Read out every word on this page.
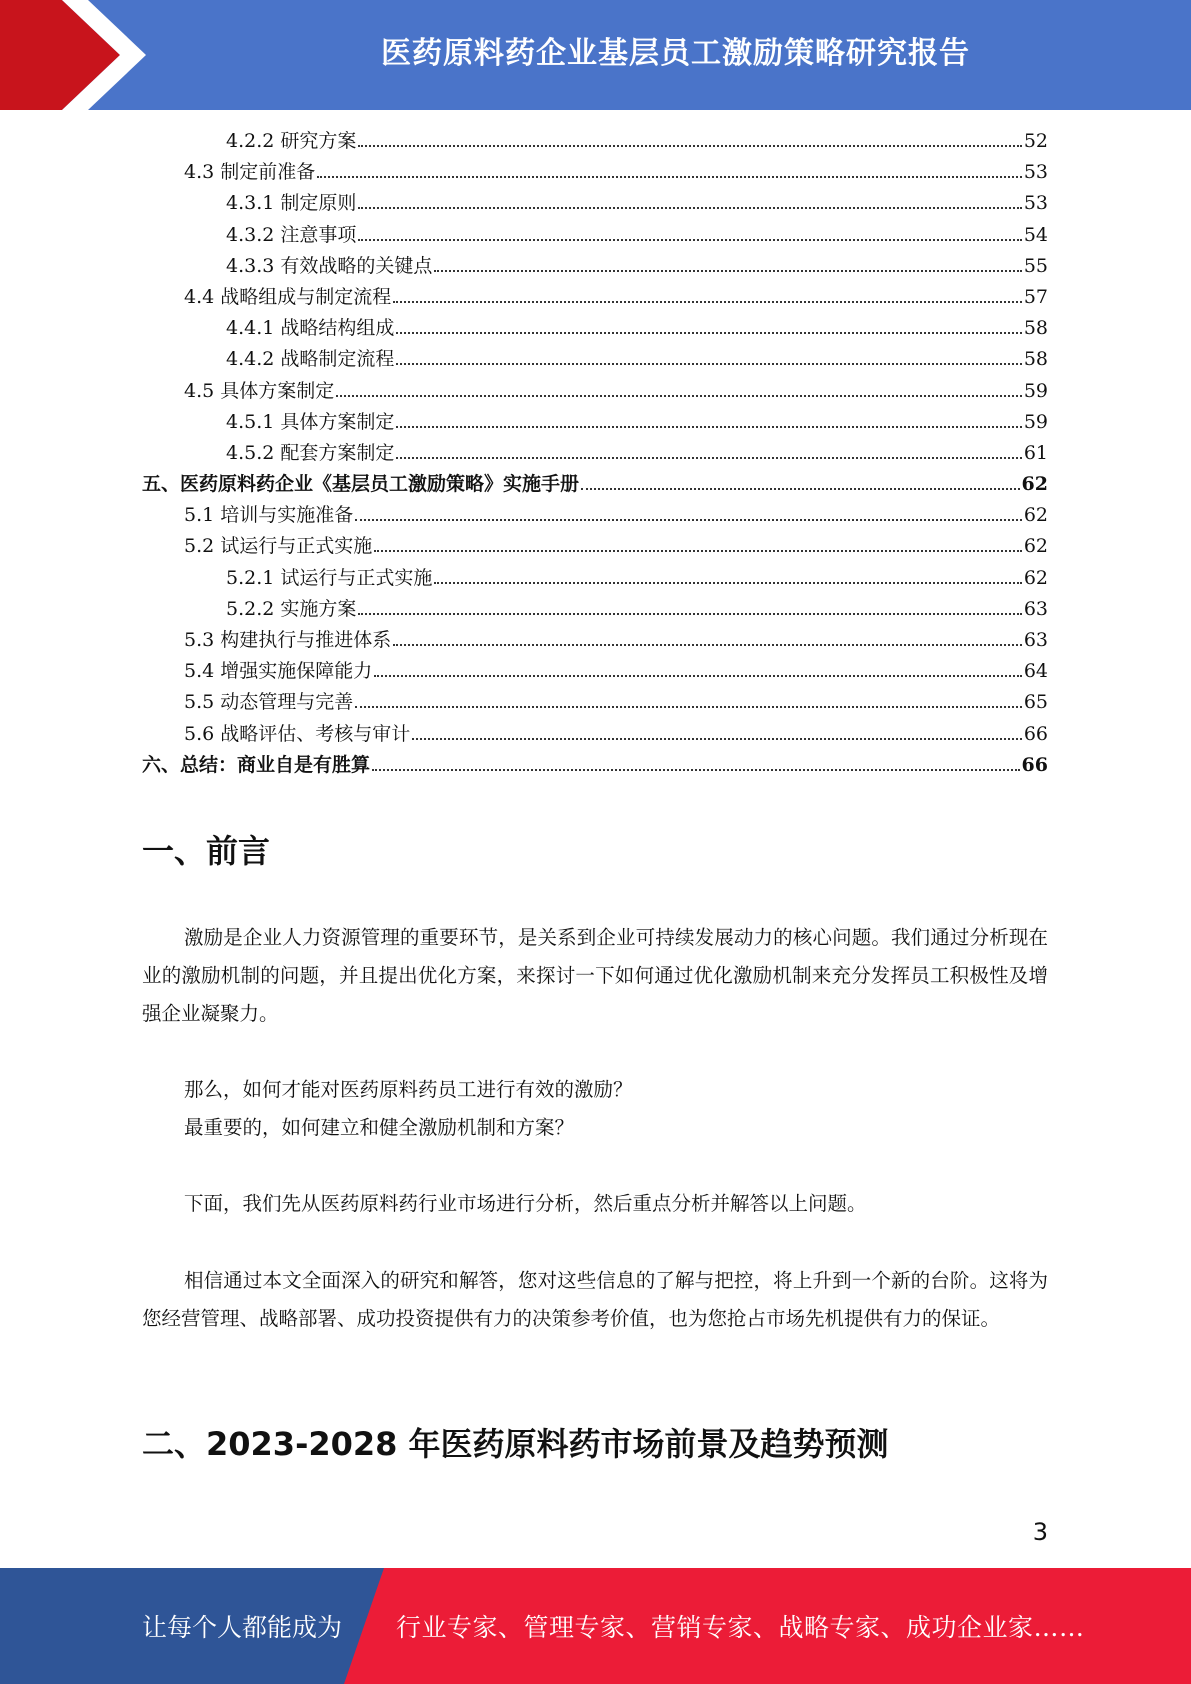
医药原料药企业基层员工激励策略研究报告
4.2.2 研究方案	52
4.3 制定前准备	53
4.3.1 制定原则	53
4.3.2 注意事项	54
4.3.3 有效战略的关键点	55
4.4 战略组成与制定流程	57
4.4.1 战略结构组成	58
4.4.2 战略制定流程	58
4.5 具体方案制定	59
4.5.1 具体方案制定	59
4.5.2 配套方案制定	61
五、医药原料药企业《基层员工激励策略》实施手册	62
5.1 培训与实施准备	62
5.2 试运行与正式实施	62
5.2.1 试运行与正式实施	62
5.2.2 实施方案	63
5.3 构建执行与推进体系	63
5.4 增强实施保障能力	64
5.5 动态管理与完善	65
5.6 战略评估、考核与审计	66
六、总结：商业自是有胜算	66
一、前言

激励是企业人力资源管理的重要环节，是关系到企业可持续发展动力的核心问题。我们通过分析现在业的激励机制的问题，并且提出优化方案，来探讨一下如何通过优化激励机制来充分发挥员工积极性及增强企业凝聚力。

那么，如何才能对医药原料药员工进行有效的激励？

最重要的，如何建立和健全激励机制和方案？

下面，我们先从医药原料药行业市场进行分析，然后重点分析并解答以上问题。

相信通过本文全面深入的研究和解答，您对这些信息的了解与把控，将上升到一个新的台阶。这将为您经营管理、战略部署、成功投资提供有力的决策参考价值，也为您抢占市场先机提供有力的保证。

二、2023-2028 年医药原料药市场前景及趋势预测
3
让每个人都能成为 行业专家、管理专家、营销专家、战略专家、成功企业家……
